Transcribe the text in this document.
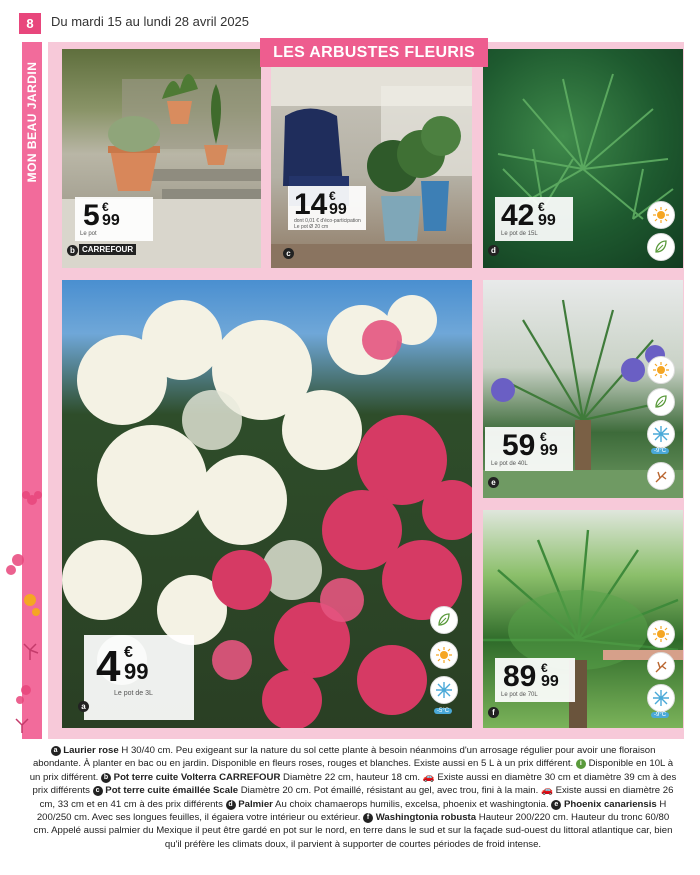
8	Du mardi 15 au lundi 28 avril 2025
MON BEAU JARDIN
5 €
99
Le pot
b CARREFOUR
14 €
99
dont 0,01 € d'éco-participation Le pot Ø 20 cm
c
42 €
99
Le pot de 15L
d
4 €
99
Le pot de 3L
a	-5°C
59 €
99
Le pot de 40L
e
-9°C
89 €
99
Le pot de 70L
f	-9°C
LES ARBUSTES FLEURIS
a Laurier rose H 30/40 cm. Peu exigeant sur la nature du sol cette plante à besoin néanmoins d'un arrosage régulier pour avoir une floraison abondante. À planter en bac ou en jardin. Disponible en fleurs roses, rouges et blanches. Existe aussi en 5 L à un prix différent. i Disponible en 10L à un prix différent. b Pot terre cuite Volterra CARREFOUR Diamètre 22 cm, hauteur 18 cm. 🚗 Existe aussi en diamètre 30 cm et diamètre 39 cm à des prix différents c Pot terre cuite émaillée Scale Diamètre 20 cm. Pot émaillé, résistant au gel, avec trou, fini à la main. 🚗 Existe aussi en diamètre 26 cm, 33 cm et en 41 cm à des prix différents d Palmier Au choix chamaerops humilis, excelsa, phoenix et washingtonia. e Phoenix canariensis H 200/250 cm. Avec ses longues feuilles, il égaiera votre intérieur ou extérieur. f Washingtonia robusta Hauteur 200/220 cm. Hauteur du tronc 60/80 cm. Appelé aussi palmier du Mexique il peut être gardé en pot sur le nord, en terre dans le sud et sur la façade sud-ouest du littoral atlantique car, bien qu'il préfère les climats doux, il parvient à supporter de courtes périodes de froid intense.
